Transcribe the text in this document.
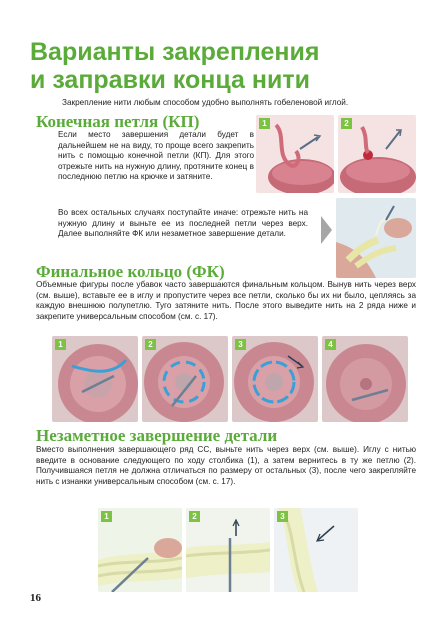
Варианты закрепления
и заправки конца нити
Закрепление нити любым способом удобно выполнять гобеленовой иглой.
Конечная петля (КП)
Если место завершения детали будет в дальнейшем не на виду, то проще всего закрепить нить с помощью конечной петли (КП). Для этого отрежьте нить на нужную длину, протяните конец в последнюю петлю на крючке и затяните.
1	2
Во всех остальных случаях поступайте иначе: отрежьте нить на нужную длину и выньте ее из последней петли через верх. Далее выполняйте ФК или незаметное завершение детали.
Финальное кольцо (ФК)
Объемные фигуры после убавок часто завершаются финальным кольцом. Вынув нить через верх (см. выше), вставьте ее в иглу и пропустите через все петли, сколько бы их ни было, цепляясь за каждую внешнюю полупетлю. Туго затяните нить. После этого выведите нить на 2 ряда ниже и закрепите универсальным способом (см. с. 17).
1	2	3	4
Незаметное завершение детали
Вместо выполнения завершающего ряд СС, выньте нить через верх (см. выше). Иглу с нитью введите в основание следующего по ходу столбика (1), а затем вернитесь в ту же петлю (2). Получившаяся петля не должна отличаться по размеру от остальных (3), после чего закрепляйте нить с изнанки универсальным способом (см. с. 17).
1	2	3
16
